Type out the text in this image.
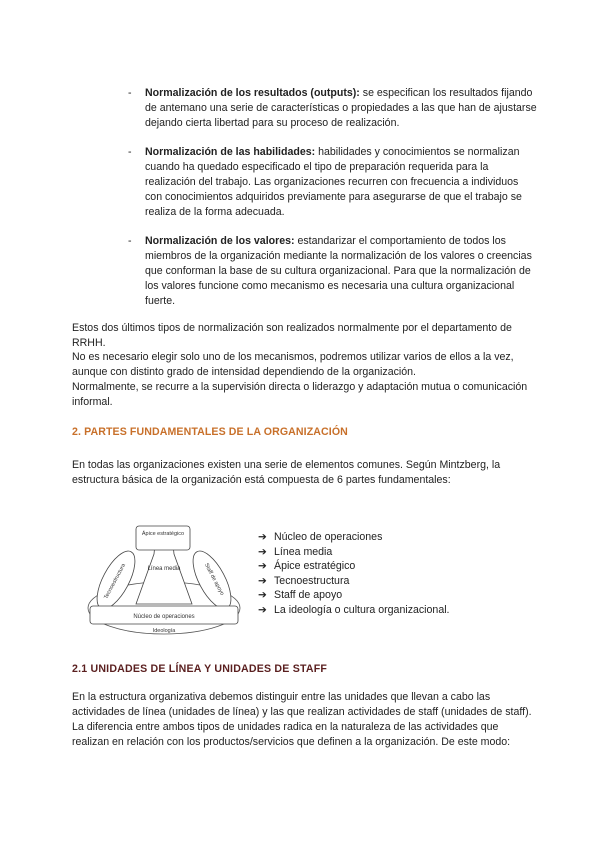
- Normalización de los resultados (outputs): se especifican los resultados fijando de antemano una serie de características o propiedades a las que han de ajustarse dejando cierta libertad para su proceso de realización.
- Normalización de las habilidades: habilidades y conocimientos se normalizan cuando ha quedado especificado el tipo de preparación requerida para la realización del trabajo. Las organizaciones recurren con frecuencia a individuos con conocimientos adquiridos previamente para asegurarse de que el trabajo se realiza de la forma adecuada.
- Normalización de los valores: estandarizar el comportamiento de todos los miembros de la organización mediante la normalización de los valores o creencias que conforman la base de su cultura organizacional. Para que la normalización de los valores funcione como mecanismo es necesaria una cultura organizacional fuerte.
Estos dos últimos tipos de normalización son realizados normalmente por el departamento de RRHH.
No es necesario elegir solo uno de los mecanismos, podremos utilizar varios de ellos a la vez, aunque con distinto grado de intensidad dependiendo de la organización.
Normalmente, se recurre a la supervisión directa o liderazgo y adaptación mutua o comunicación informal.
2. PARTES FUNDAMENTALES DE LA ORGANIZACIÓN
En todas las organizaciones existen una serie de elementos comunes. Según Mintzberg, la estructura básica de la organización está compuesta de 6 partes fundamentales:
Ápice estratégico
Línea media
Tecnoestructura	Staff de apoyo
Núcleo de operaciones
Ideología
➔ Núcleo de operaciones
➔ Línea media
➔ Ápice estratégico
➔ Tecnoestructura
➔ Staff de apoyo
➔ La ideología o cultura organizacional.
2.1 UNIDADES DE LÍNEA Y UNIDADES DE STAFF
En la estructura organizativa debemos distinguir entre las unidades que llevan a cabo las actividades de línea (unidades de línea) y las que realizan actividades de staff (unidades de staff). La diferencia entre ambos tipos de unidades radica en la naturaleza de las actividades que realizan en relación con los productos/servicios que definen a la organización. De este modo:
